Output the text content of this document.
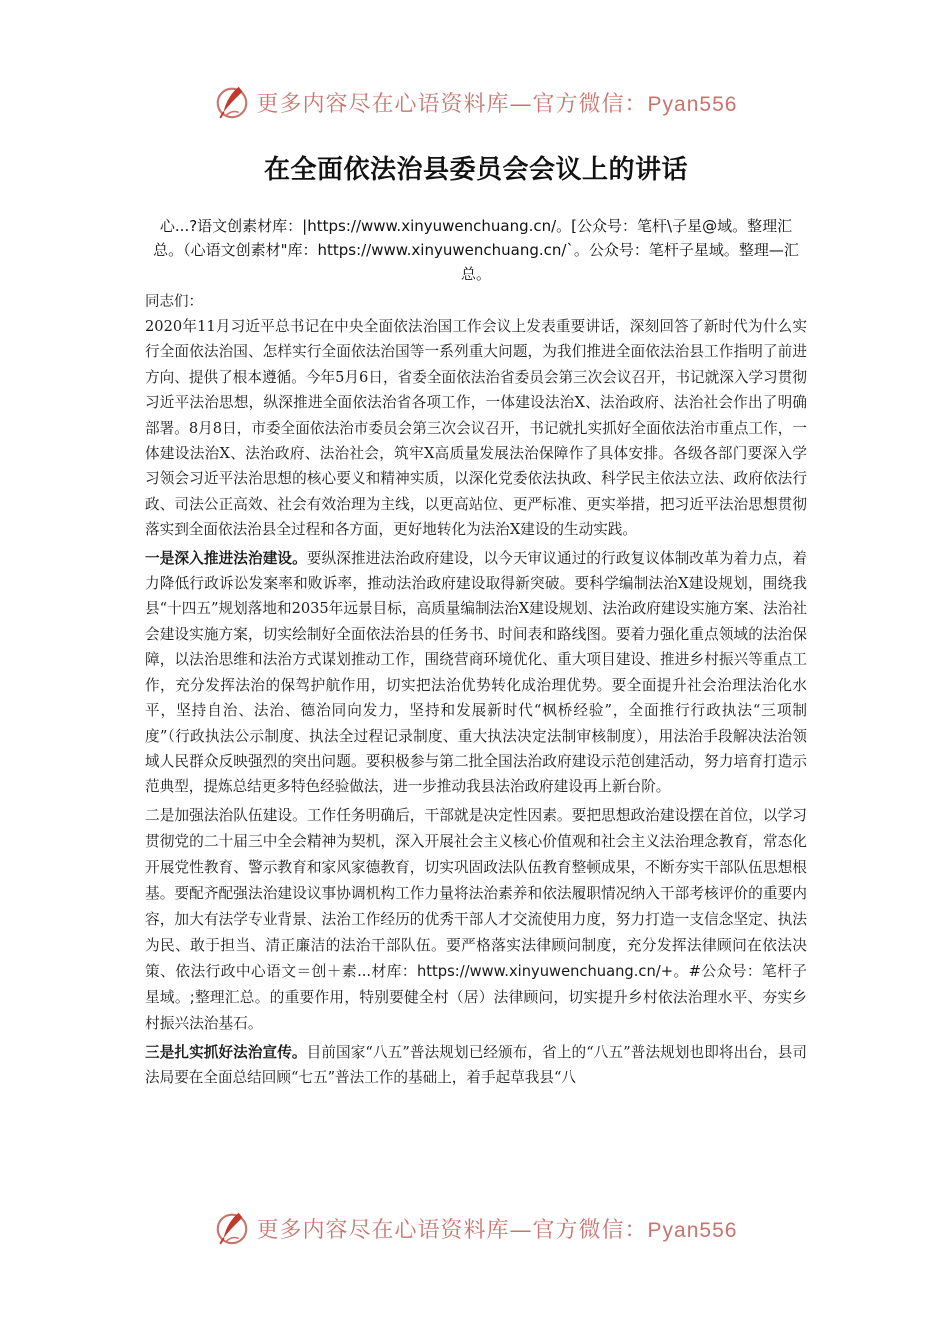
更多内容尽在心语资料库—官方微信：Pyan556
在全面依法治县委员会会议上的讲话
心...?语文创素材库：|https://www.xinyuwenchuang.cn/。[公众号：笔杆\子星@域。整理汇总。（心语文创素材"库：https://www.xinyuwenchuang.cn/`。公众号：笔杆子星域。整理—汇总。
同志们：

2020年11月习近平总书记在中央全面依法治国工作会议上发表重要讲话，深刻回答了新时代为什么实行全面依法治国、怎样实行全面依法治国等一系列重大问题，为我们推进全面依法治县工作指明了前进方向、提供了根本遵循。今年5月6日，省委全面依法治省委员会第三次会议召开，书记就深入学习贯彻习近平法治思想，纵深推进全面依法治省各项工作，一体建设法治X、法治政府、法治社会作出了明确部署。8月8日，市委全面依法治市委员会第三次会议召开，书记就扎实抓好全面依法治市重点工作，一体建设法治X、法治政府、法治社会，筑牢X高质量发展法治保障作了具体安排。各级各部门要深入学习领会习近平法治思想的核心要义和精神实质，以深化党委依法执政、科学民主依法立法、政府依法行政、司法公正高效、社会有效治理为主线，以更高站位、更严标准、更实举措，把习近平法治思想贯彻落实到全面依法治县全过程和各方面，更好地转化为法治X建设的生动实践。

一是深入推进法治建设。要纵深推进法治政府建设，以今天审议通过的行政复议体制改革为着力点，着力降低行政诉讼发案率和败诉率，推动法治政府建设取得新突破。要科学编制法治X建设规划，围绕我县“十四五”规划落地和2035年远景目标，高质量编制法治X建设规划、法治政府建设实施方案、法治社会建设实施方案，切实绘制好全面依法治县的任务书、时间表和路线图。要着力强化重点领域的法治保障，以法治思维和法治方式谋划推动工作，围绕营商环境优化、重大项目建设、推进乡村振兴等重点工作，充分发挥法治的保驾护航作用，切实把法治优势转化成治理优势。要全面提升社会治理法治化水平，坚持自治、法治、德治同向发力，坚持和发展新时代“枫桥经验”，全面推行行政执法“三项制度”（行政执法公示制度、执法全过程记录制度、重大执法决定法制审核制度），用法治手段解决法治领域人民群众反映强烈的突出问题。要积极参与第二批全国法治政府建设示范创建活动，努力培育打造示范典型，提炼总结更多特色经验做法，进一步推动我县法治政府建设再上新台阶。

二是加强法治队伍建设。工作任务明确后，干部就是决定性因素。要把思想政治建设摆在首位，以学习贯彻党的二十届三中全会精神为契机，深入开展社会主义核心价值观和社会主义法治理念教育，常态化开展党性教育、警示教育和家风家德教育，切实巩固政法队伍教育整顿成果，不断夯实干部队伍思想根基。要配齐配强法治建设议事协调机构工作力量将法治素养和依法履职情况纳入干部考核评价的重要内容，加大有法学专业背景、法治工作经历的优秀干部人才交流使用力度，努力打造一支信念坚定、执法为民、敢于担当、清正廉洁的法治干部队伍。要严格落实法律顾问制度，充分发挥法律顾问在依法决策、依法行政中心语文＝创＋素...材库：https://www.xinyuwenchuang.cn/+。#公众号：笔杆子星域。;整理汇总。的重要作用，特别要健全村（居）法律顾问，切实提升乡村依法治理水平、夯实乡村振兴法治基石。

三是扎实抓好法治宣传。目前国家“八五”普法规划已经颁布，省上的“八五”普法规划也即将出台，县司法局要在全面总结回顾“七五”普法工作的基础上，着手起草我县“八

更多内容尽在心语资料库—官方微信：Pyan556
